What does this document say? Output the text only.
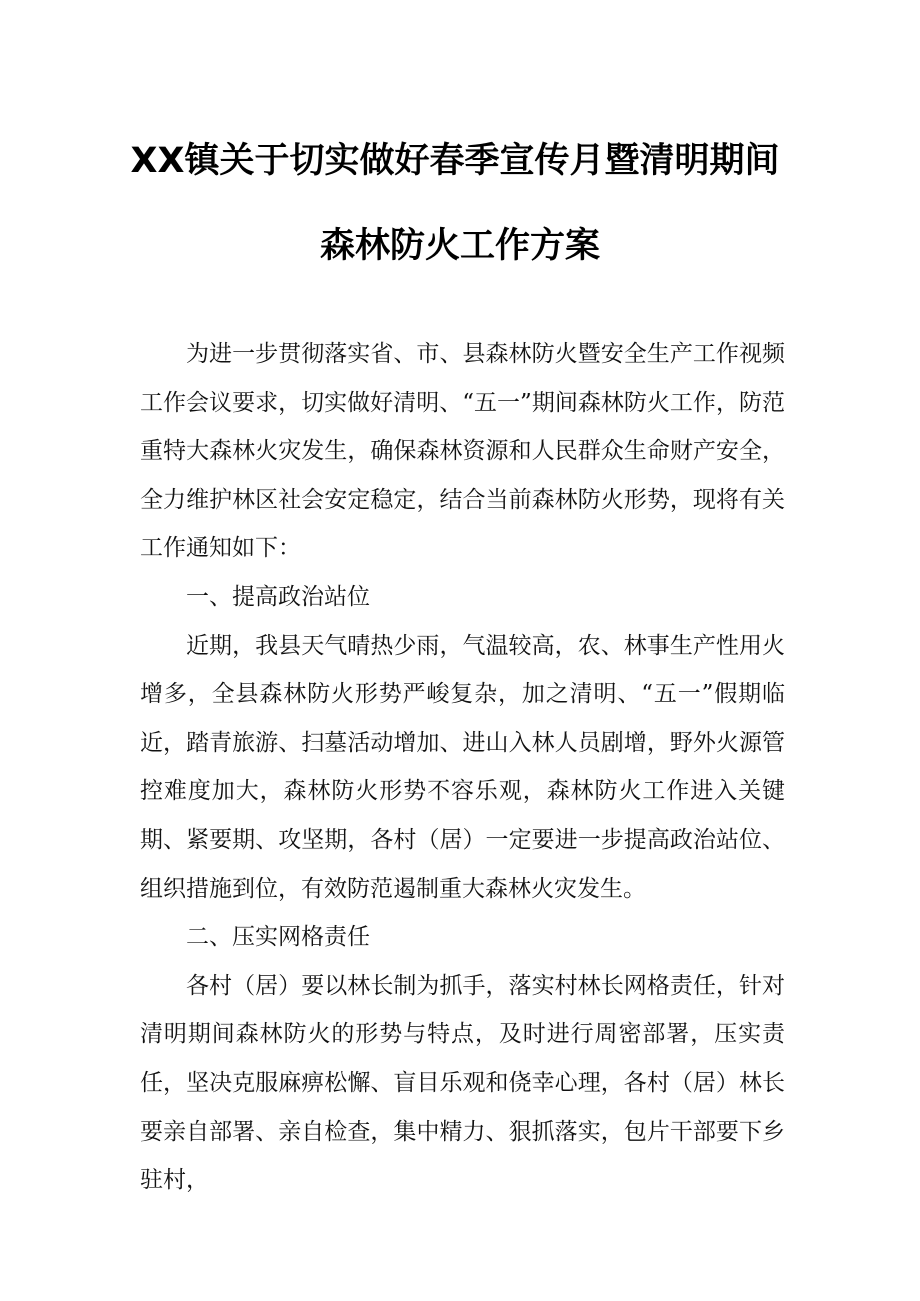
XX镇关于切实做好春季宣传月暨清明期间
森林防火工作方案

为进一步贯彻落实省、市、县森林防火暨安全生产工作视频工作会议要求，切实做好清明、“五一”期间森林防火工作，防范重特大森林火灾发生，确保森林资源和人民群众生命财产安全，全力维护林区社会安定稳定，结合当前森林防火形势，现将有关工作通知如下：

一、提高政治站位

近期，我县天气晴热少雨，气温较高，农、林事生产性用火增多，全县森林防火形势严峻复杂，加之清明、“五一”假期临近，踏青旅游、扫墓活动增加、进山入林人员剧增，野外火源管控难度加大，森林防火形势不容乐观，森林防火工作进入关键期、紧要期、攻坚期，各村（居）一定要进一步提高政治站位、组织措施到位，有效防范遏制重大森林火灾发生。

二、压实网格责任

各村（居）要以林长制为抓手，落实村林长网格责任，针对清明期间森林防火的形势与特点，及时进行周密部署，压实责任，坚决克服麻痹松懈、盲目乐观和侥幸心理，各村（居）林长要亲自部署、亲自检查，集中精力、狠抓落实，包片干部要下乡驻村，
